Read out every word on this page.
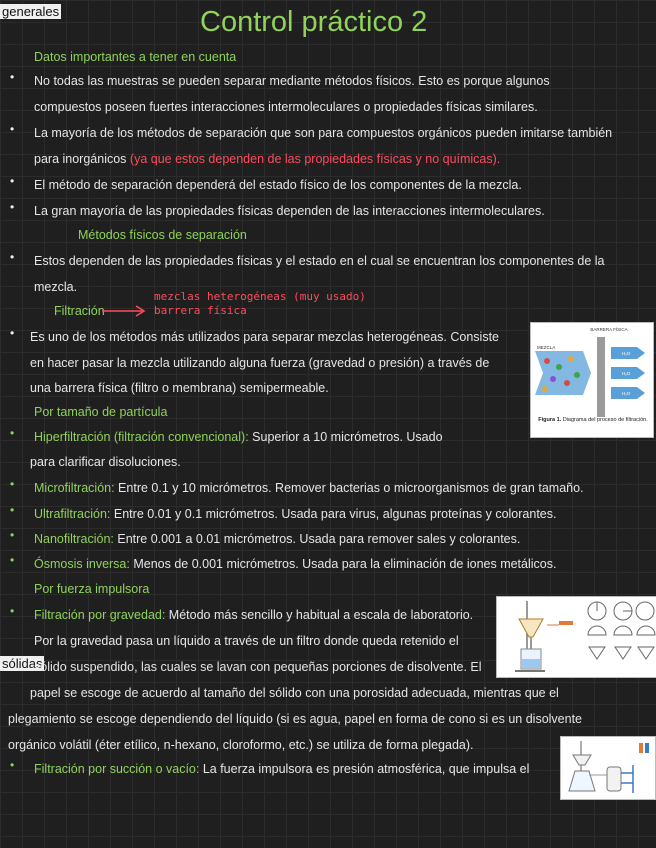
generales
sólidas
Control práctico 2
Datos importantes a tener en cuenta
• No todas las muestras se pueden separar mediante métodos físicos. Esto es porque algunos
compuestos poseen fuertes interacciones intermoleculares o propiedades físicas similares.
• La mayoría de los métodos de separación que son para compuestos orgánicos pueden imitarse también
para inorgánicos (ya que estos dependen de las propiedades físicas y no químicas).
• El método de separación dependerá del estado físico de los componentes de la mezcla.
• La gran mayoría de las propiedades físicas dependen de las interacciones intermoleculares.
Métodos físicos de separación
• Estos dependen de las propiedades físicas y el estado en el cual se encuentran los componentes de la
mezcla.
Filtración
mezclas heterogéneas (muy usado)
barrera física
• Es uno de los métodos más utilizados para separar mezclas heterogéneas. Consiste
en hacer pasar la mezcla utilizando alguna fuerza (gravedad o presión) a través de
una barrera física (filtro o membrana) semipermeable.
BARRERA FÍSICA
MEZCLA
H₂O
H₂O
H₂O
Figura 1. Diagrama del proceso de filtración.
Por tamaño de partícula
• Hiperfiltración (filtración convencional): Superior a 10 micrómetros. Usado
para clarificar disoluciones.
• Microfiltración: Entre 0.1 y 10 micrómetros. Remover bacterias o microorganismos de gran tamaño.
• Ultrafiltración: Entre 0.01 y 0.1 micrómetros. Usada para virus, algunas proteínas y colorantes.
• Nanofiltración: Entre 0.001 a 0.01 micrómetros. Usada para remover sales y colorantes.
• Ósmosis inversa: Menos de 0.001 micrómetros. Usada para la eliminación de iones metálicos.
Por fuerza impulsora
• Filtración por gravedad: Método más sencillo y habitual a escala de laboratorio.
Por la gravedad pasa un líquido a través de un filtro donde queda retenido el
sólido suspendido, las cuales se lavan con pequeñas porciones de disolvente. El
papel se escoge de acuerdo al tamaño del sólido con una porosidad adecuada, mientras que el
plegamiento se escoge dependiendo del líquido (si es agua, papel en forma de cono si es un disolvente
orgánico volátil (éter etílico, n-hexano, cloroformo, etc.) se utiliza de forma plegada).
• Filtración por succión o vacío: La fuerza impulsora es presión atmosférica, que impulsa el
